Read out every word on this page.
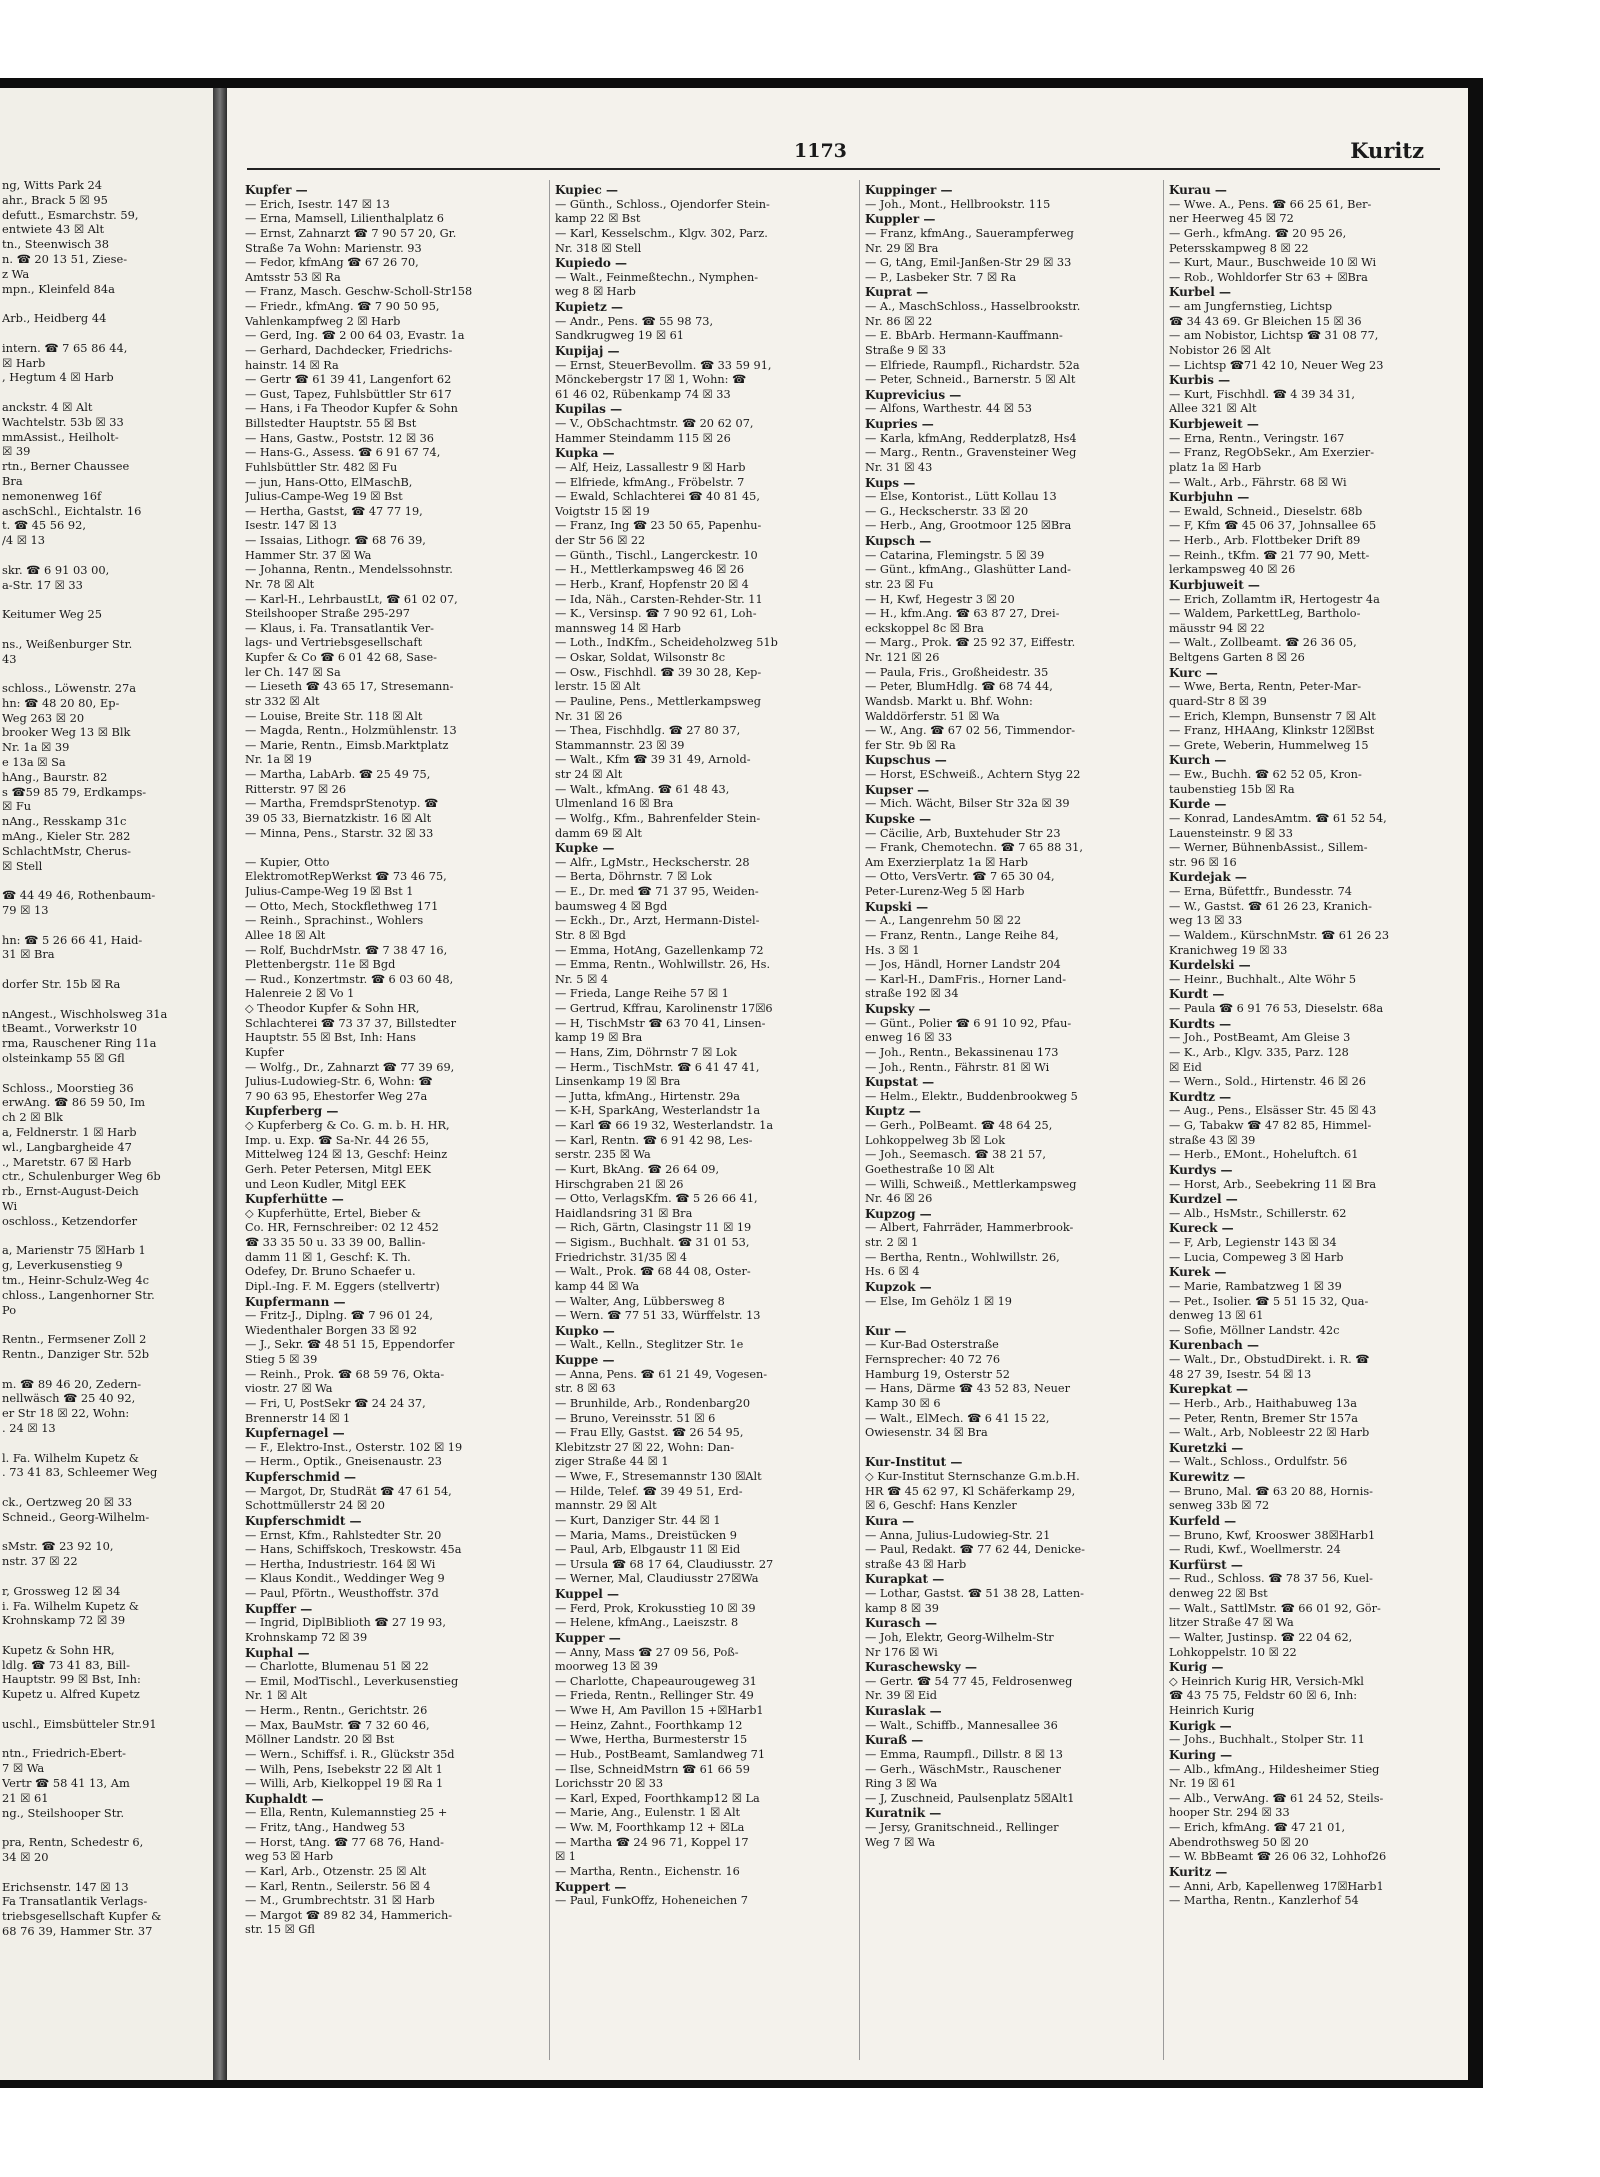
ng, Witts Park 24
ahr., Brack 5 ☒ 95
defutt., Esmarchstr. 59,
entwiete 43 ☒ Alt
tn., Steenwisch 38
n. ☎ 20 13 51, Ziese-
z Wa
mpn., Kleinfeld 84a

Arb., Heidberg 44

intern. ☎ 7 65 86 44,
☒ Harb
, Hegtum 4 ☒ Harb

anckstr. 4 ☒ Alt
Wachtelstr. 53b ☒ 33
mmAssist., Heilholt-
☒ 39
rtn., Berner Chaussee
Bra
nemonenweg 16f
aschSchl., Eichtalstr. 16
t. ☎ 45 56 92,
/4 ☒ 13

skr. ☎ 6 91 03 00,
a-Str. 17 ☒ 33

Keitumer Weg 25

ns., Weißenburger Str.
43

schloss., Löwenstr. 27a
hn: ☎ 48 20 80, Ep-
Weg 263 ☒ 20
brooker Weg 13 ☒ Blk
Nr. 1a ☒ 39
e 13a ☒ Sa
hAng., Baurstr. 82
s ☎59 85 79, Erdkamps-
☒ Fu
nAng., Resskamp 31c
mAng., Kieler Str. 282
SchlachtMstr, Cherus-
☒ Stell

☎ 44 49 46, Rothenbaum-
79 ☒ 13

hn: ☎ 5 26 66 41, Haid-
31 ☒ Bra

dorfer Str. 15b ☒ Ra

nAngest., Wischholsweg 31a
tBeamt., Vorwerkstr 10
rma, Rauschener Ring 11a
olsteinkamp 55 ☒ Gfl

Schloss., Moorstieg 36
erwAng. ☎ 86 59 50, Im
ch 2 ☒ Blk
a, Feldnerstr. 1 ☒ Harb
wl., Langbargheide 47
., Maretstr. 67 ☒ Harb
ctr., Schulenburger Weg 6b
rb., Ernst-August-Deich
Wi
oschloss., Ketzendorfer

a, Marienstr 75 ☒Harb 1
g, Leverkusenstieg 9
tm., Heinr-Schulz-Weg 4c
chloss., Langenhorner Str.
Po

Rentn., Fermsener Zoll 2
Rentn., Danziger Str. 52b

m. ☎ 89 46 20, Zedern-
nellwäsch ☎ 25 40 92,
er Str 18 ☒ 22, Wohn:
. 24 ☒ 13

l. Fa. Wilhelm Kupetz &
. 73 41 83, Schleemer Weg

ck., Oertzweg 20 ☒ 33
Schneid., Georg-Wilhelm-

sMstr. ☎ 23 92 10,
nstr. 37 ☒ 22

r, Grossweg 12 ☒ 34
i. Fa. Wilhelm Kupetz &
Krohnskamp 72 ☒ 39

Kupetz & Sohn HR,
ldlg. ☎ 73 41 83, Bill-
Hauptstr. 99 ☒ Bst, Inh:
Kupetz u. Alfred Kupetz

uschl., Eimsbütteler Str.91

ntn., Friedrich-Ebert-
7 ☒ Wa
Vertr ☎ 58 41 13, Am
21 ☒ 61
ng., Steilshooper Str.

pra, Rentn, Schedestr 6,
34 ☒ 20

Erichsenstr. 147 ☒ 13
Fa Transatlantik Verlags-
triebsgesellschaft Kupfer &
68 76 39, Hammer Str. 37
1173	Kuritz
Kupfer —
— Erich, Isestr. 147 ☒ 13
— Erna, Mamsell, Lilienthalplatz 6
— Ernst, Zahnarzt ☎ 7 90 57 20, Gr.
Straße 7a Wohn: Marienstr. 93
— Fedor, kfmAng ☎ 67 26 70,
Amtsstr 53 ☒ Ra
— Franz, Masch. Geschw-Scholl-Str158
— Friedr., kfmAng. ☎ 7 90 50 95,
Vahlenkampfweg 2 ☒ Harb
— Gerd, Ing. ☎ 2 00 64 03, Evastr. 1a
— Gerhard, Dachdecker, Friedrichs-
hainstr. 14 ☒ Ra
— Gertr ☎ 61 39 41, Langenfort 62
— Gust, Tapez, Fuhlsbüttler Str 617
— Hans, i Fa Theodor Kupfer & Sohn
Billstedter Hauptstr. 55 ☒ Bst
— Hans, Gastw., Poststr. 12 ☒ 36
— Hans-G., Assess. ☎ 6 91 67 74,
Fuhlsbüttler Str. 482 ☒ Fu
— jun, Hans-Otto, ElMaschB,
Julius-Campe-Weg 19 ☒ Bst
— Hertha, Gastst, ☎ 47 77 19,
Isestr. 147 ☒ 13
— Issaias, Lithogr. ☎ 68 76 39,
Hammer Str. 37 ☒ Wa
— Johanna, Rentn., Mendelssohnstr.
Nr. 78 ☒ Alt
— Karl-H., LehrbaustLt, ☎ 61 02 07,
Steilshooper Straße 295-297
— Klaus, i. Fa. Transatlantik Ver-
lags- und Vertriebsgesellschaft
Kupfer & Co ☎ 6 01 42 68, Sase-
ler Ch. 147 ☒ Sa
— Lieseth ☎ 43 65 17, Stresemann-
str 332 ☒ Alt
— Louise, Breite Str. 118 ☒ Alt
— Magda, Rentn., Holzmühlenstr. 13
— Marie, Rentn., Eimsb.Marktplatz
Nr. 1a ☒ 19
— Martha, LabArb. ☎ 25 49 75,
Ritterstr. 97 ☒ 26
— Martha, FremdsprStenotyp. ☎
39 05 33, Biernatzkistr. 16 ☒ Alt
— Minna, Pens., Starstr. 32 ☒ 33

— Kupier, Otto
ElektromotRepWerkst ☎ 73 46 75,
Julius-Campe-Weg 19 ☒ Bst 1
— Otto, Mech, Stockflethweg 171
— Reinh., Sprachinst., Wohlers
Allee 18 ☒ Alt
— Rolf, BuchdrMstr. ☎ 7 38 47 16,
Plettenbergstr. 11e ☒ Bgd
— Rud., Konzertmstr. ☎ 6 03 60 48,
Halenreie 2 ☒ Vo 1
◇ Theodor Kupfer & Sohn HR,
Schlachterei ☎ 73 37 37, Billstedter
Hauptstr. 55 ☒ Bst, Inh: Hans
Kupfer
— Wolfg., Dr., Zahnarzt ☎ 77 39 69,
Julius-Ludowieg-Str. 6, Wohn: ☎
7 90 63 95, Ehestorfer Weg 27a
Kupferberg —
◇ Kupferberg & Co. G. m. b. H. HR,
Imp. u. Exp. ☎ Sa-Nr. 44 26 55,
Mittelweg 124 ☒ 13, Geschf: Heinz
Gerh. Peter Petersen, Mitgl EEK
und Leon Kudler, Mitgl EEK
Kupferhütte —
◇ Kupferhütte, Ertel, Bieber &
Co. HR, Fernschreiber: 02 12 452
☎ 33 35 50 u. 33 39 00, Ballin-
damm 11 ☒ 1, Geschf: K. Th.
Odefey, Dr. Bruno Schaefer u.
Dipl.-Ing. F. M. Eggers (stellvertr)
Kupfermann —
— Fritz-J., Diplng. ☎ 7 96 01 24,
Wiedenthaler Borgen 33 ☒ 92
— J., Sekr. ☎ 48 51 15, Eppendorfer
Stieg 5 ☒ 39
— Reinh., Prok. ☎ 68 59 76, Okta-
viostr. 27 ☒ Wa
— Fri, U, PostSekr ☎ 24 24 37,
Brennerstr 14 ☒ 1
Kupfernagel —
— F., Elektro-Inst., Osterstr. 102 ☒ 19
— Herm., Optik., Gneisenaustr. 23
Kupferschmid —
— Margot, Dr, StudRät ☎ 47 61 54,
Schottmüllerstr 24 ☒ 20
Kupferschmidt —
— Ernst, Kfm., Rahlstedter Str. 20
— Hans, Schiffskoch, Treskowstr. 45a
— Hertha, Industriestr. 164 ☒ Wi
— Klaus Kondit., Weddinger Weg 9
— Paul, Pförtn., Weusthoffstr. 37d
Kupffer —
— Ingrid, DiplBiblioth ☎ 27 19 93,
Krohnskamp 72 ☒ 39
Kuphal —
— Charlotte, Blumenau 51 ☒ 22
— Emil, ModTischl., Leverkusenstieg
Nr. 1 ☒ Alt
— Herm., Rentn., Gerichtstr. 26
— Max, BauMstr. ☎ 7 32 60 46,
Möllner Landstr. 20 ☒ Bst
— Wern., Schiffsf. i. R., Glückstr 35d
— Wilh, Pens, Isebekstr 22 ☒ Alt 1
— Willi, Arb, Kielkoppel 19 ☒ Ra 1
Kuphaldt —
— Ella, Rentn, Kulemannstieg 25 +
— Fritz, tAng., Handweg 53
— Horst, tAng. ☎ 77 68 76, Hand-
weg 53 ☒ Harb
— Karl, Arb., Otzenstr. 25 ☒ Alt
— Karl, Rentn., Seilerstr. 56 ☒ 4
— M., Grumbrechtstr. 31 ☒ Harb
— Margot ☎ 89 82 34, Hammerich-
str. 15 ☒ Gfl
Kupiec —
— Günth., Schloss., Ojendorfer Stein-
kamp 22 ☒ Bst
— Karl, Kesselschm., Klgv. 302, Parz.
Nr. 318 ☒ Stell
Kupiedo —
— Walt., Feinmeßtechn., Nymphen-
weg 8 ☒ Harb
Kupietz —
— Andr., Pens. ☎ 55 98 73,
Sandkrugweg 19 ☒ 61
Kupijaj —
— Ernst, SteuerBevollm. ☎ 33 59 91,
Mönckebergstr 17 ☒ 1, Wohn: ☎
61 46 02, Rübenkamp 74 ☒ 33
Kupilas —
— V., ObSchachtmstr. ☎ 20 62 07,
Hammer Steindamm 115 ☒ 26
Kupka —
— Alf, Heiz, Lassallestr 9 ☒ Harb
— Elfriede, kfmAng., Fröbelstr. 7
— Ewald, Schlachterei ☎ 40 81 45,
Voigtstr 15 ☒ 19
— Franz, Ing ☎ 23 50 65, Papenhu-
der Str 56 ☒ 22
— Günth., Tischl., Langerckestr. 10
— H., Mettlerkampsweg 46 ☒ 26
— Herb., Kranf, Hopfenstr 20 ☒ 4
— Ida, Näh., Carsten-Rehder-Str. 11
— K., Versinsp. ☎ 7 90 92 61, Loh-
mannsweg 14 ☒ Harb
— Loth., IndKfm., Scheideholzweg 51b
— Oskar, Soldat, Wilsonstr 8c
— Osw., Fischhdl. ☎ 39 30 28, Kep-
lerstr. 15 ☒ Alt
— Pauline, Pens., Mettlerkampsweg
Nr. 31 ☒ 26
— Thea, Fischhdlg. ☎ 27 80 37,
Stammannstr. 23 ☒ 39
— Walt., Kfm ☎ 39 31 49, Arnold-
str 24 ☒ Alt
— Walt., kfmAng. ☎ 61 48 43,
Ulmenland 16 ☒ Bra
— Wolfg., Kfm., Bahrenfelder Stein-
damm 69 ☒ Alt
Kupke —
— Alfr., LgMstr., Heckscherstr. 28
— Berta, Döhrnstr. 7 ☒ Lok
— E., Dr. med ☎ 71 37 95, Weiden-
baumsweg 4 ☒ Bgd
— Eckh., Dr., Arzt, Hermann-Distel-
Str. 8 ☒ Bgd
— Emma, HotAng, Gazellenkamp 72
— Emma, Rentn., Wohlwillstr. 26, Hs.
Nr. 5 ☒ 4
— Frieda, Lange Reihe 57 ☒ 1
— Gertrud, Kffrau, Karolinenstr 17☒6
— H, TischMstr ☎ 63 70 41, Linsen-
kamp 19 ☒ Bra
— Hans, Zim, Döhrnstr 7 ☒ Lok
— Herm., TischMstr. ☎ 6 41 47 41,
Linsenkamp 19 ☒ Bra
— Jutta, kfmAng., Hirtenstr. 29a
— K-H, SparkAng, Westerlandstr 1a
— Karl ☎ 66 19 32, Westerlandstr. 1a
— Karl, Rentn. ☎ 6 91 42 98, Les-
serstr. 235 ☒ Wa
— Kurt, BkAng. ☎ 26 64 09,
Hirschgraben 21 ☒ 26
— Otto, VerlagsKfm. ☎ 5 26 66 41,
Haidlandsring 31 ☒ Bra
— Rich, Gärtn, Clasingstr 11 ☒ 19
— Sigism., Buchhalt. ☎ 31 01 53,
Friedrichstr. 31/35 ☒ 4
— Walt., Prok. ☎ 68 44 08, Oster-
kamp 44 ☒ Wa
— Walter, Ang, Lübbersweg 8
— Wern. ☎ 77 51 33, Würffelstr. 13
Kupko —
— Walt., Kelln., Steglitzer Str. 1e
Kuppe —
— Anna, Pens. ☎ 61 21 49, Vogesen-
str. 8 ☒ 63
— Brunhilde, Arb., Rondenbarg20
— Bruno, Vereinsstr. 51 ☒ 6
— Frau Elly, Gastst. ☎ 26 54 95,
Klebitzstr 27 ☒ 22, Wohn: Dan-
ziger Straße 44 ☒ 1
— Wwe, F., Stresemannstr 130 ☒Alt
— Hilde, Telef. ☎ 39 49 51, Erd-
mannstr. 29 ☒ Alt
— Kurt, Danziger Str. 44 ☒ 1
— Maria, Mams., Dreistücken 9
— Paul, Arb, Elbgaustr 11 ☒ Eid
— Ursula ☎ 68 17 64, Claudiusstr. 27
— Werner, Mal, Claudiusstr 27☒Wa
Kuppel —
— Ferd, Prok, Krokusstieg 10 ☒ 39
— Helene, kfmAng., Laeiszstr. 8
Kupper —
— Anny, Mass ☎ 27 09 56, Poß-
moorweg 13 ☒ 39
— Charlotte, Chapeaurougeweg 31
— Frieda, Rentn., Rellinger Str. 49
— Wwe H, Am Pavillon 15 +☒Harb1
— Heinz, Zahnt., Foorthkamp 12
— Wwe, Hertha, Burmesterstr 15
— Hub., PostBeamt, Samlandweg 71
— Ilse, SchneidMstrn ☎ 61 66 59
Lorichsstr 20 ☒ 33
— Karl, Exped, Foorthkamp12 ☒ La
— Marie, Ang., Eulenstr. 1 ☒ Alt
— Ww. M, Foorthkamp 12 + ☒La
— Martha ☎ 24 96 71, Koppel 17
☒ 1
— Martha, Rentn., Eichenstr. 16
Kuppert —
— Paul, FunkOffz, Hoheneichen 7
Kuppinger —
— Joh., Mont., Hellbrookstr. 115
Kuppler —
— Franz, kfmAng., Sauerampferweg
Nr. 29 ☒ Bra
— G, tAng, Emil-Janßen-Str 29 ☒ 33
— P., Lasbeker Str. 7 ☒ Ra
Kuprat —
— A., MaschSchloss., Hasselbrookstr.
Nr. 86 ☒ 22
— E. BbArb. Hermann-Kauffmann-
Straße 9 ☒ 33
— Elfriede, Raumpfl., Richardstr. 52a
— Peter, Schneid., Barnerstr. 5 ☒ Alt
Kuprevicius —
— Alfons, Warthestr. 44 ☒ 53
Kupries —
— Karla, kfmAng, Redderplatz8, Hs4
— Marg., Rentn., Gravensteiner Weg
Nr. 31 ☒ 43
Kups —
— Else, Kontorist., Lütt Kollau 13
— G., Heckscherstr. 33 ☒ 20
— Herb., Ang, Grootmoor 125 ☒Bra
Kupsch —
— Catarina, Flemingstr. 5 ☒ 39
— Günt., kfmAng., Glashütter Land-
str. 23 ☒ Fu
— H, Kwf, Hegestr 3 ☒ 20
— H., kfm.Ang. ☎ 63 87 27, Drei-
eckskoppel 8c ☒ Bra
— Marg., Prok. ☎ 25 92 37, Eiffestr.
Nr. 121 ☒ 26
— Paula, Fris., Großheidestr. 35
— Peter, BlumHdlg. ☎ 68 74 44,
Wandsb. Markt u. Bhf. Wohn:
Walddörferstr. 51 ☒ Wa
— W., Ang. ☎ 67 02 56, Timmendor-
fer Str. 9b ☒ Ra
Kupschus —
— Horst, ESchweiß., Achtern Styg 22
Kupser —
— Mich. Wächt, Bilser Str 32a ☒ 39
Kupske —
— Cäcilie, Arb, Buxtehuder Str 23
— Frank, Chemotechn. ☎ 7 65 88 31,
Am Exerzierplatz 1a ☒ Harb
— Otto, VersVertr. ☎ 7 65 30 04,
Peter-Lurenz-Weg 5 ☒ Harb
Kupski —
— A., Langenrehm 50 ☒ 22
— Franz, Rentn., Lange Reihe 84,
Hs. 3 ☒ 1
— Jos, Händl, Horner Landstr 204
— Karl-H., DamFris., Horner Land-
straße 192 ☒ 34
Kupsky —
— Günt., Polier ☎ 6 91 10 92, Pfau-
enweg 16 ☒ 33
— Joh., Rentn., Bekassinenau 173
— Joh., Rentn., Fährstr. 81 ☒ Wi
Kupstat —
— Helm., Elektr., Buddenbrookweg 5
Kuptz —
— Gerh., PolBeamt. ☎ 48 64 25,
Lohkoppelweg 3b ☒ Lok
— Joh., Seemasch. ☎ 38 21 57,
Goethestraße 10 ☒ Alt
— Willi, Schweiß., Mettlerkampsweg
Nr. 46 ☒ 26
Kupzog —
— Albert, Fahrräder, Hammerbrook-
str. 2 ☒ 1
— Bertha, Rentn., Wohlwillstr. 26,
Hs. 6 ☒ 4
Kupzok —
— Else, Im Gehölz 1 ☒ 19

Kur —
— Kur-Bad Osterstraße
Fernsprecher: 40 72 76
Hamburg 19, Osterstr 52
— Hans, Därme ☎ 43 52 83, Neuer
Kamp 30 ☒ 6
— Walt., ElMech. ☎ 6 41 15 22,
Owiesenstr. 34 ☒ Bra

Kur-Institut —
◇ Kur-Institut Sternschanze G.m.b.H.
HR ☎ 45 62 97, Kl Schäferkamp 29,
☒ 6, Geschf: Hans Kenzler
Kura —
— Anna, Julius-Ludowieg-Str. 21
— Paul, Redakt. ☎ 77 62 44, Denicke-
straße 43 ☒ Harb
Kurapkat —
— Lothar, Gastst. ☎ 51 38 28, Latten-
kamp 8 ☒ 39
Kurasch —
— Joh, Elektr, Georg-Wilhelm-Str
Nr 176 ☒ Wi
Kuraschewsky —
— Gertr. ☎ 54 77 45, Feldrosenweg
Nr. 39 ☒ Eid
Kuraslak —
— Walt., Schiffb., Mannesallee 36
Kuraß —
— Emma, Raumpfl., Dillstr. 8 ☒ 13
— Gerh., WäschMstr., Rauschener
Ring 3 ☒ Wa
— J, Zuschneid, Paulsenplatz 5☒Alt1
Kuratnik —
— Jersy, Granitschneid., Rellinger
Weg 7 ☒ Wa
Kurau —
— Wwe. A., Pens. ☎ 66 25 61, Ber-
ner Heerweg 45 ☒ 72
— Gerh., kfmAng. ☎ 20 95 26,
Petersskampweg 8 ☒ 22
— Kurt, Maur., Buschweide 10 ☒ Wi
— Rob., Wohldorfer Str 63 + ☒Bra
Kurbel —
— am Jungfernstieg, Lichtsp
☎ 34 43 69. Gr Bleichen 15 ☒ 36
— am Nobistor, Lichtsp ☎ 31 08 77,
Nobistor 26 ☒ Alt
— Lichtsp ☎71 42 10, Neuer Weg 23
Kurbis —
— Kurt, Fischhdl. ☎ 4 39 34 31,
Allee 321 ☒ Alt
Kurbjeweit —
— Erna, Rentn., Veringstr. 167
— Franz, RegObSekr., Am Exerzier-
platz 1a ☒ Harb
— Walt., Arb., Fährstr. 68 ☒ Wi
Kurbjuhn —
— Ewald, Schneid., Dieselstr. 68b
— F, Kfm ☎ 45 06 37, Johnsallee 65
— Herb., Arb. Flottbeker Drift 89
— Reinh., tKfm. ☎ 21 77 90, Mett-
lerkampsweg 40 ☒ 26
Kurbjuweit —
— Erich, Zollamtm iR, Hertogestr 4a
— Waldem, ParkettLeg, Bartholo-
mäusstr 94 ☒ 22
— Walt., Zollbeamt. ☎ 26 36 05,
Beltgens Garten 8 ☒ 26
Kurc —
— Wwe, Berta, Rentn, Peter-Mar-
quard-Str 8 ☒ 39
— Erich, Klempn, Bunsenstr 7 ☒ Alt
— Franz, HHAAng, Klinkstr 12☒Bst
— Grete, Weberin, Hummelweg 15
Kurch —
— Ew., Buchh. ☎ 62 52 05, Kron-
taubenstieg 15b ☒ Ra
Kurde —
— Konrad, LandesAmtm. ☎ 61 52 54,
Lauensteinstr. 9 ☒ 33
— Werner, BühnenbAssist., Sillem-
str. 96 ☒ 16
Kurdejak —
— Erna, Büfettfr., Bundesstr. 74
— W., Gastst. ☎ 61 26 23, Kranich-
weg 13 ☒ 33
— Waldem., KürschnMstr. ☎ 61 26 23
Kranichweg 19 ☒ 33
Kurdelski —
— Heinr., Buchhalt., Alte Wöhr 5
Kurdt —
— Paula ☎ 6 91 76 53, Dieselstr. 68a
Kurdts —
— Joh., PostBeamt, Am Gleise 3
— K., Arb., Klgv. 335, Parz. 128
☒ Eid
— Wern., Sold., Hirtenstr. 46 ☒ 26
Kurdtz —
— Aug., Pens., Elsässer Str. 45 ☒ 43
— G, Tabakw ☎ 47 82 85, Himmel-
straße 43 ☒ 39
— Herb., EMont., Hoheluftch. 61
Kurdys —
— Horst, Arb., Seebekring 11 ☒ Bra
Kurdzel —
— Alb., HsMstr., Schillerstr. 62
Kureck —
— F, Arb, Legienstr 143 ☒ 34
— Lucia, Compeweg 3 ☒ Harb
Kurek —
— Marie, Rambatzweg 1 ☒ 39
— Pet., Isolier. ☎ 5 51 15 32, Qua-
denweg 13 ☒ 61
— Sofie, Möllner Landstr. 42c
Kurenbach —
— Walt., Dr., ObstudDirekt. i. R. ☎
48 27 39, Isestr. 54 ☒ 13
Kurepkat —
— Herb., Arb., Haithabuweg 13a
— Peter, Rentn, Bremer Str 157a
— Walt., Arb, Nobleestr 22 ☒ Harb
Kuretzki —
— Walt., Schloss., Ordulfstr. 56
Kurewitz —
— Bruno, Mal. ☎ 63 20 88, Hornis-
senweg 33b ☒ 72
Kurfeld —
— Bruno, Kwf, Krooswег 38☒Harb1
— Rudi, Kwf., Woellmerstr. 24
Kurfürst —
— Rud., Schloss. ☎ 78 37 56, Kuel-
denweg 22 ☒ Bst
— Walt., SattlMstr. ☎ 66 01 92, Gör-
litzer Straße 47 ☒ Wa
— Walter, Justinsp. ☎ 22 04 62,
Lohkoppelstr. 10 ☒ 22
Kurig —
◇ Heinrich Kurig HR, Versich-Mkl
☎ 43 75 75, Feldstr 60 ☒ 6, Inh:
Heinrich Kurig
Kurigk —
— Johs., Buchhalt., Stolper Str. 11
Kuring —
— Alb., kfmAng., Hildesheimer Stieg
Nr. 19 ☒ 61
— Alb., VerwAng. ☎ 61 24 52, Steils-
hooper Str. 294 ☒ 33
— Erich, kfmAng. ☎ 47 21 01,
Abendrothsweg 50 ☒ 20
— W. BbBeamt ☎ 26 06 32, Lohhof26
Kuritz —
— Anni, Arb, Kapellenweg 17☒Harb1
— Martha, Rentn., Kanzlerhof 54
